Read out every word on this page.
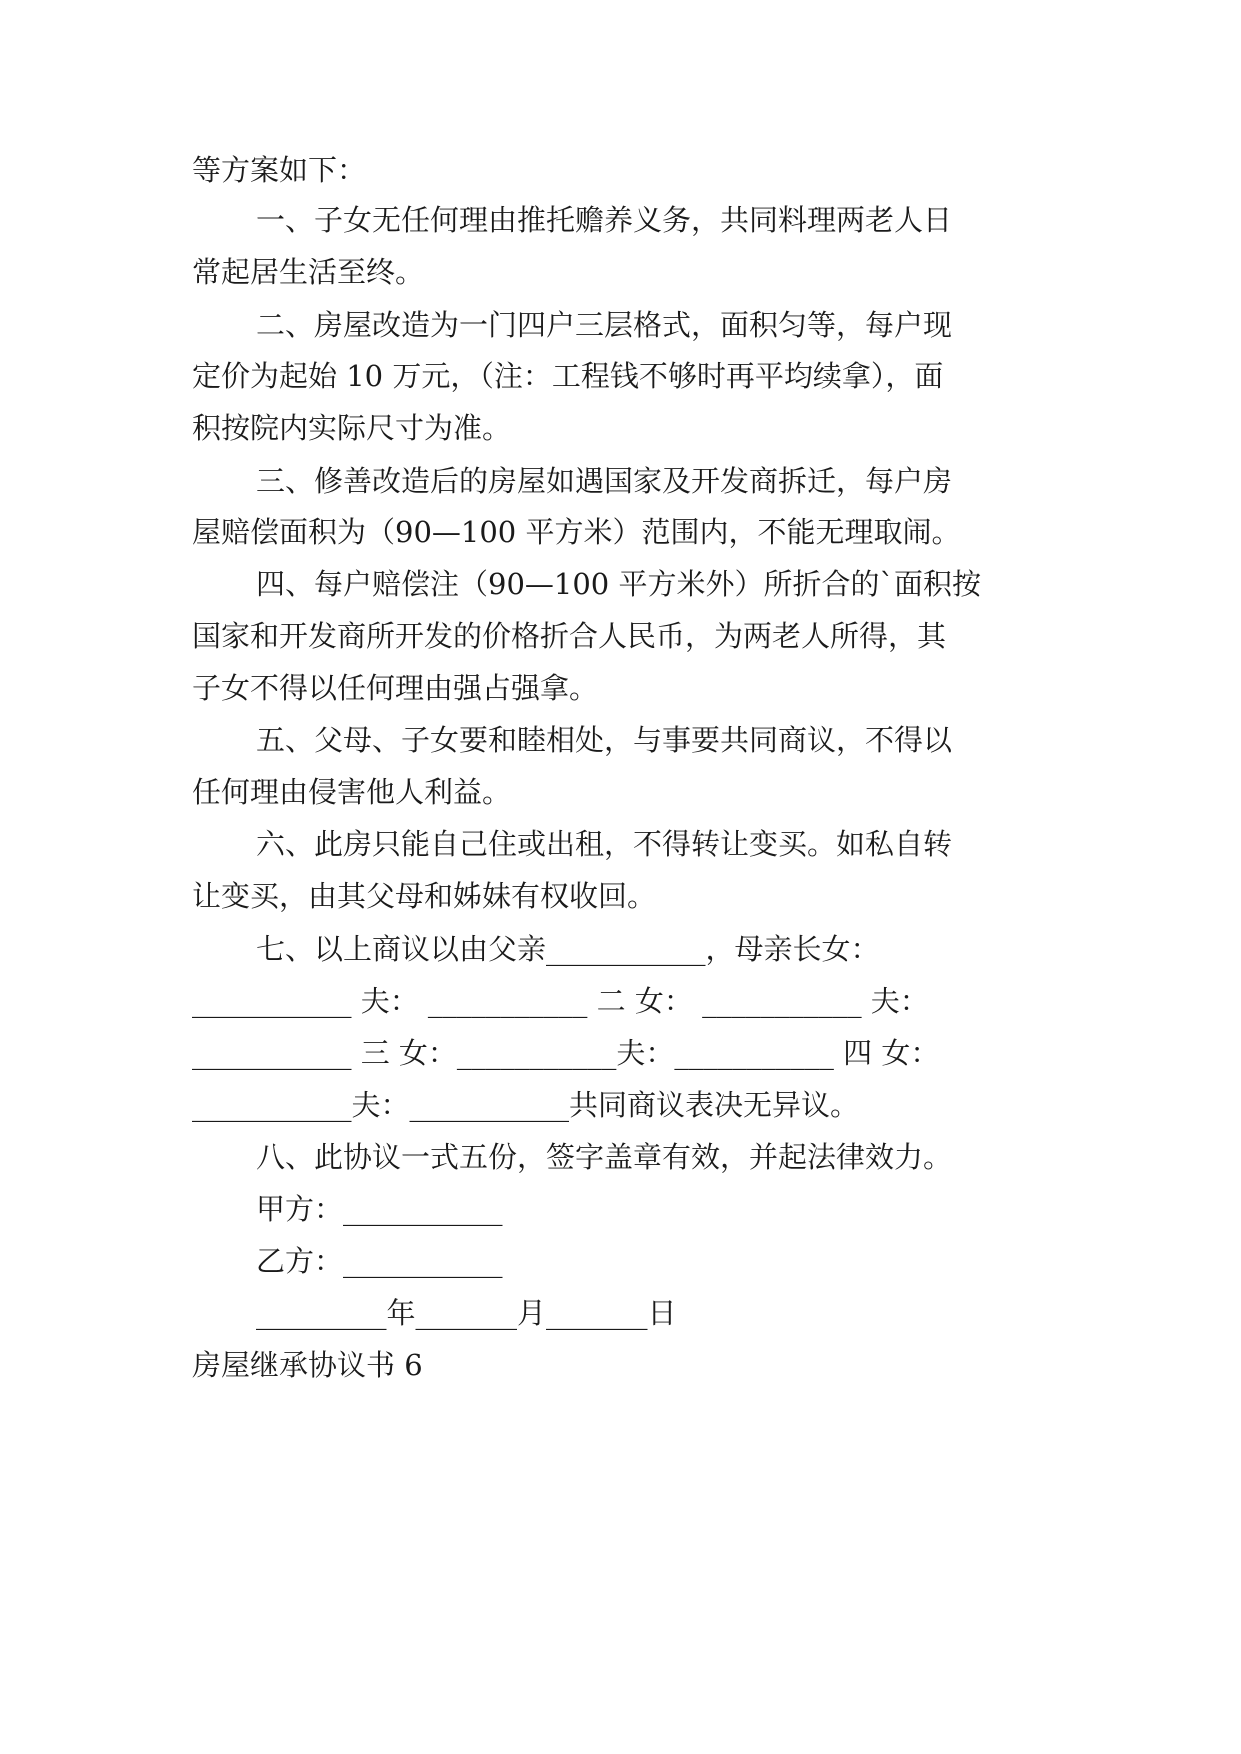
等方案如下：
一、子女无任何理由推托赡养义务，共同料理两老人日
常起居生活至终。
二、房屋改造为一门四户三层格式，面积匀等，每户现
定价为起始 10 万元，（注：工程钱不够时再平均续拿），面
积按院内实际尺寸为准。
三、修善改造后的房屋如遇国家及开发商拆迁，每户房
屋赔偿面积为（90—100 平方米）范围内，不能无理取闹。
四、每户赔偿注（90—100 平方米外）所折合的`面积按
国家和开发商所开发的价格折合人民币，为两老人所得，其
子女不得以任何理由强占强拿。
五、父母、子女要和睦相处，与事要共同商议，不得以
任何理由侵害他人利益。
六、此房只能自己住或出租，不得转让变买。如私自转
让变买，由其父母和姊妹有权收回。
七、以上商议以由父亲___________，母亲长女：
___________ 夫： ___________ 二 女： ___________ 夫：
___________ 三 女：___________夫：___________ 四 女：
___________夫：___________共同商议表决无异议。
八、此协议一式五份，签字盖章有效，并起法律效力。
甲方：___________
乙方：___________
_________年_______月_______日
房屋继承协议书 6
